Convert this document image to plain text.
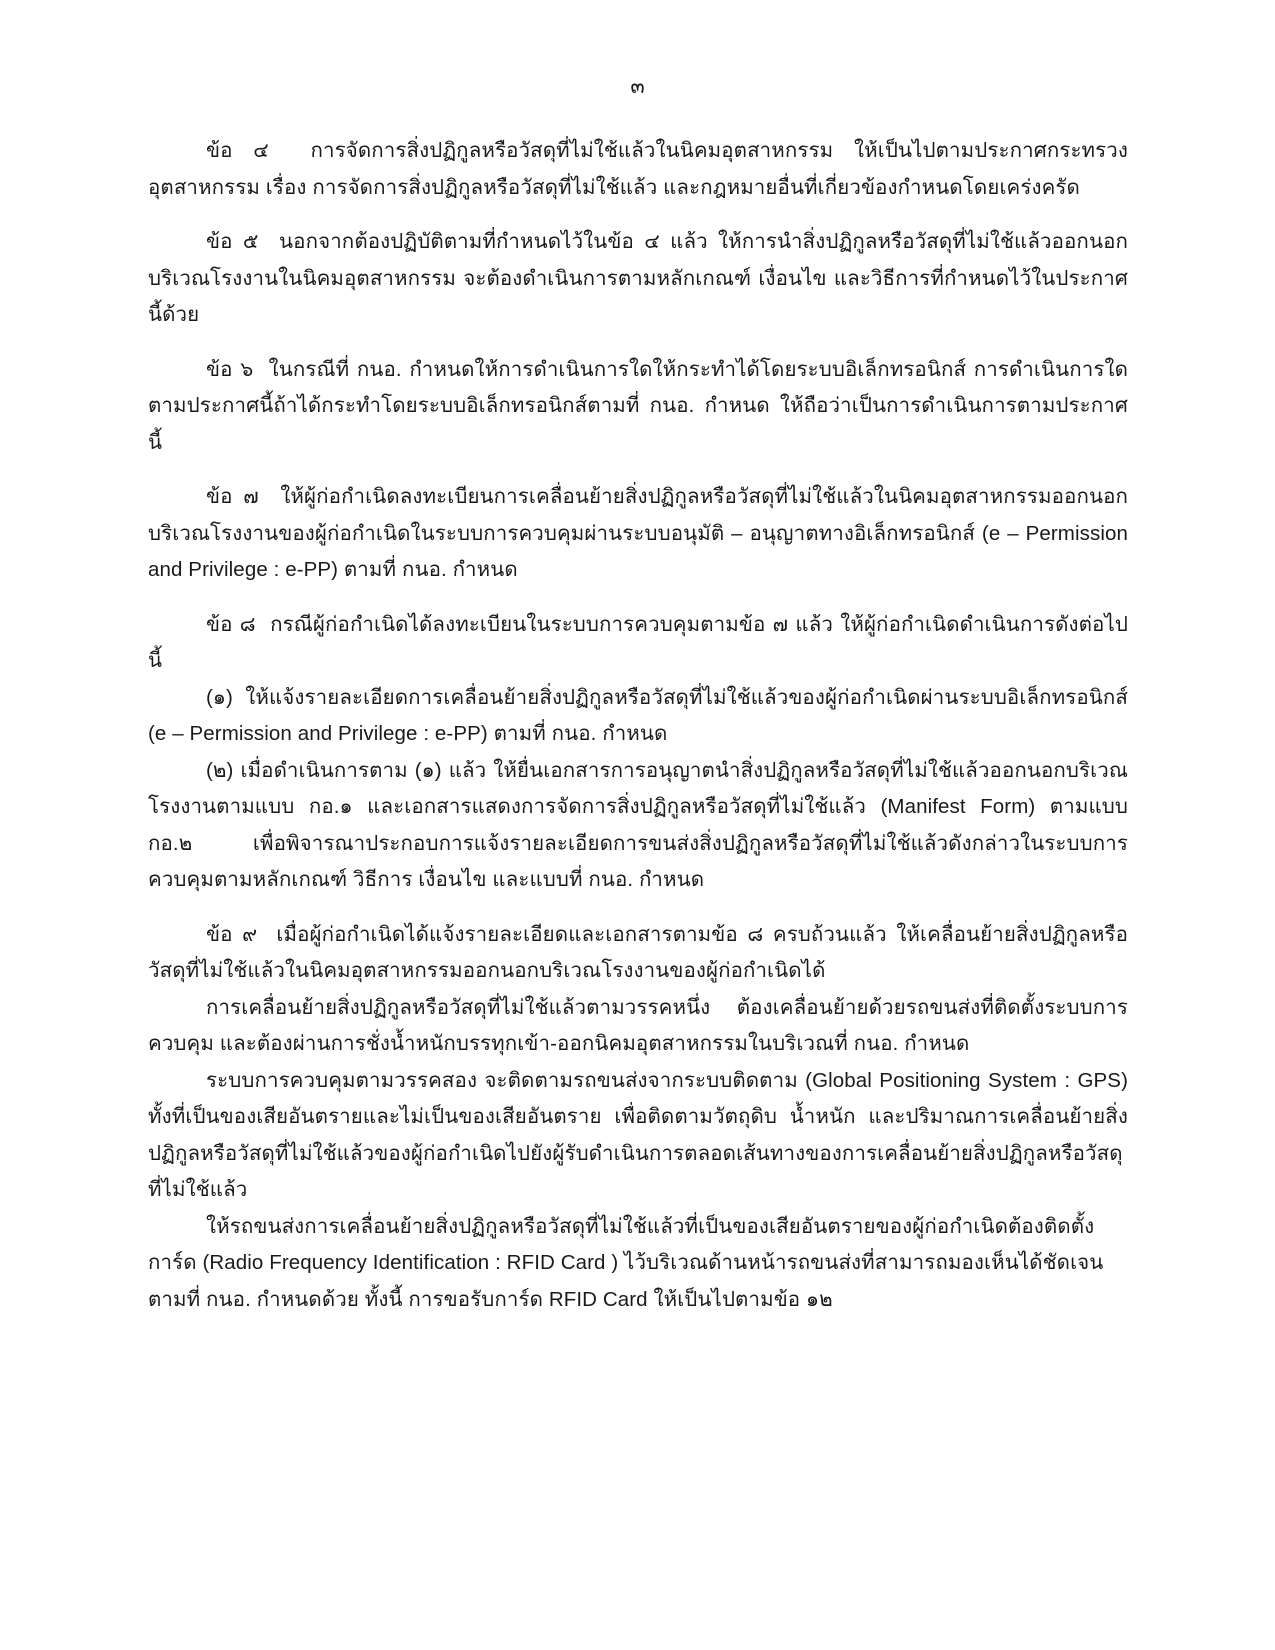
๓

ข้อ ๔  การจัดการสิ่งปฏิกูลหรือวัสดุที่ไม่ใช้แล้วในนิคมอุตสาหกรรม ให้เป็นไปตามประกาศกระทรวงอุตสาหกรรม เรื่อง การจัดการสิ่งปฏิกูลหรือวัสดุที่ไม่ใช้แล้ว และกฎหมายอื่นที่เกี่ยวข้องกำหนดโดยเคร่งครัด

ข้อ ๕  นอกจากต้องปฏิบัติตามที่กำหนดไว้ในข้อ ๔ แล้ว ให้การนำสิ่งปฏิกูลหรือวัสดุที่ไม่ใช้แล้วออกนอกบริเวณโรงงานในนิคมอุตสาหกรรม จะต้องดำเนินการตามหลักเกณฑ์ เงื่อนไข และวิธีการที่กำหนดไว้ในประกาศนี้ด้วย

ข้อ ๖  ในกรณีที่ กนอ. กำหนดให้การดำเนินการใดให้กระทำได้โดยระบบอิเล็กทรอนิกส์ การดำเนินการใดตามประกาศนี้ถ้าได้กระทำโดยระบบอิเล็กทรอนิกส์ตามที่ กนอ. กำหนด ให้ถือว่าเป็นการดำเนินการตามประกาศนี้

ข้อ ๗  ให้ผู้ก่อกำเนิดลงทะเบียนการเคลื่อนย้ายสิ่งปฏิกูลหรือวัสดุที่ไม่ใช้แล้วในนิคมอุตสาหกรรมออกนอกบริเวณโรงงานของผู้ก่อกำเนิดในระบบการควบคุมผ่านระบบอนุมัติ – อนุญาตทางอิเล็กทรอนิกส์ (e – Permission and Privilege : e-PP) ตามที่ กนอ. กำหนด

ข้อ ๘  กรณีผู้ก่อกำเนิดได้ลงทะเบียนในระบบการควบคุมตามข้อ ๗ แล้ว ให้ผู้ก่อกำเนิดดำเนินการดังต่อไปนี้

(๑) ให้แจ้งรายละเอียดการเคลื่อนย้ายสิ่งปฏิกูลหรือวัสดุที่ไม่ใช้แล้วของผู้ก่อกำเนิดผ่านระบบอิเล็กทรอนิกส์ (e – Permission and Privilege : e-PP) ตามที่ กนอ. กำหนด

(๒) เมื่อดำเนินการตาม (๑) แล้ว ให้ยื่นเอกสารการอนุญาตนำสิ่งปฏิกูลหรือวัสดุที่ไม่ใช้แล้วออกนอกบริเวณโรงงานตามแบบ กอ.๑ และเอกสารแสดงการจัดการสิ่งปฏิกูลหรือวัสดุที่ไม่ใช้แล้ว (Manifest Form) ตามแบบ กอ.๒ เพื่อพิจารณาประกอบการแจ้งรายละเอียดการขนส่งสิ่งปฏิกูลหรือวัสดุที่ไม่ใช้แล้วดังกล่าวในระบบการควบคุมตามหลักเกณฑ์ วิธีการ เงื่อนไข และแบบที่ กนอ. กำหนด

ข้อ ๙  เมื่อผู้ก่อกำเนิดได้แจ้งรายละเอียดและเอกสารตามข้อ ๘ ครบถ้วนแล้ว ให้เคลื่อนย้ายสิ่งปฏิกูลหรือวัสดุที่ไม่ใช้แล้วในนิคมอุตสาหกรรมออกนอกบริเวณโรงงานของผู้ก่อกำเนิดได้

การเคลื่อนย้ายสิ่งปฏิกูลหรือวัสดุที่ไม่ใช้แล้วตามวรรคหนึ่ง ต้องเคลื่อนย้ายด้วยรถขนส่งที่ติดตั้งระบบการควบคุม และต้องผ่านการชั่งน้ำหนักบรรทุกเข้า-ออกนิคมอุตสาหกรรมในบริเวณที่ กนอ. กำหนด

ระบบการควบคุมตามวรรคสอง จะติดตามรถขนส่งจากระบบติดตาม (Global Positioning System : GPS) ทั้งที่เป็นของเสียอันตรายและไม่เป็นของเสียอันตราย เพื่อติดตามวัตถุดิบ น้ำหนัก และปริมาณการเคลื่อนย้ายสิ่งปฏิกูลหรือวัสดุที่ไม่ใช้แล้วของผู้ก่อกำเนิดไปยังผู้รับดำเนินการตลอดเส้นทางของการเคลื่อนย้ายสิ่งปฏิกูลหรือวัสดุที่ไม่ใช้แล้ว

ให้รถขนส่งการเคลื่อนย้ายสิ่งปฏิกูลหรือวัสดุที่ไม่ใช้แล้วที่เป็นของเสียอันตรายของผู้ก่อกำเนิดต้องติดตั้งการ์ด (Radio Frequency Identification : RFID Card ) ไว้บริเวณด้านหน้ารถขนส่งที่สามารถมองเห็นได้ชัดเจนตามที่ กนอ. กำหนดด้วย ทั้งนี้ การขอรับการ์ด RFID Card ให้เป็นไปตามข้อ ๑๒
